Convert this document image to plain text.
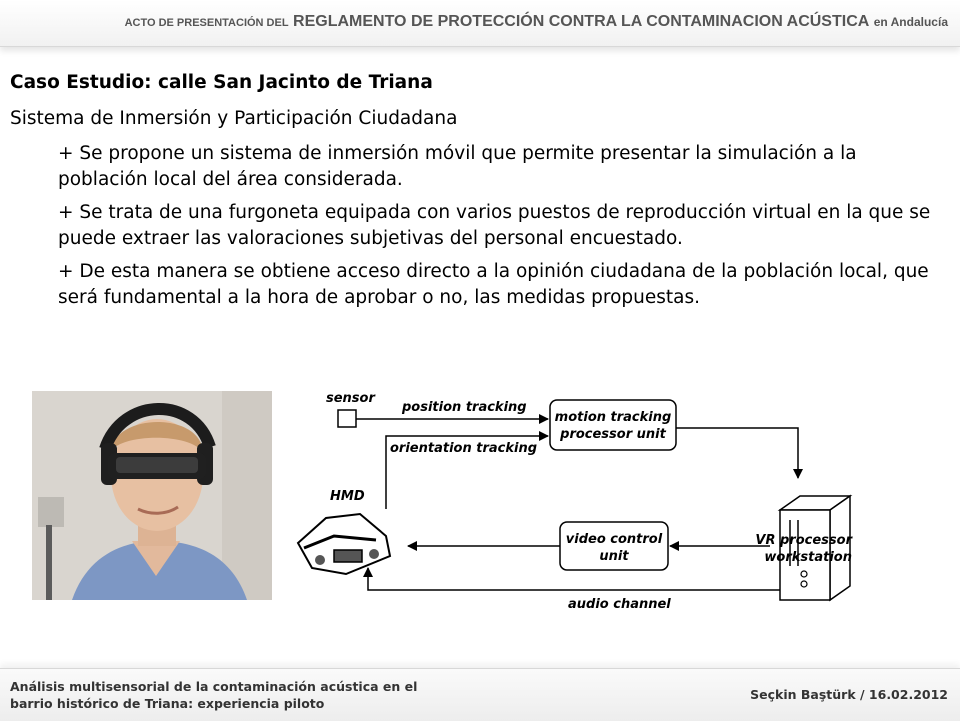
ACTO DE PRESENTACIÓN DEL REGLAMENTO DE PROTECCIÓN CONTRA LA CONTAMINACION ACÚSTICA en Andalucía

Caso Estudio: calle San Jacinto de Triana

Sistema de Inmersión y Participación Ciudadana

+ Se propone un sistema de inmersión móvil que permite presentar la simulación a la población local del área considerada.
+ Se trata de una furgoneta equipada con varios puestos de reproducción virtual en la que se puede extraer las valoraciones subjetivas del personal encuestado.
+ De esta manera se obtiene acceso directo a la opinión ciudadana de la población local, que será fundamental a la hora de aprobar o no, las medidas propuestas.
sensor
position tracking
orientation tracking
motion tracking
processor unit
HMD
video control
unit
audio channel
VR processor
workstation
Análisis multisensorial de la contaminación acústica en el barrio histórico de Triana: experiencia piloto
Seçkin Baştürk / 16.02.2012
